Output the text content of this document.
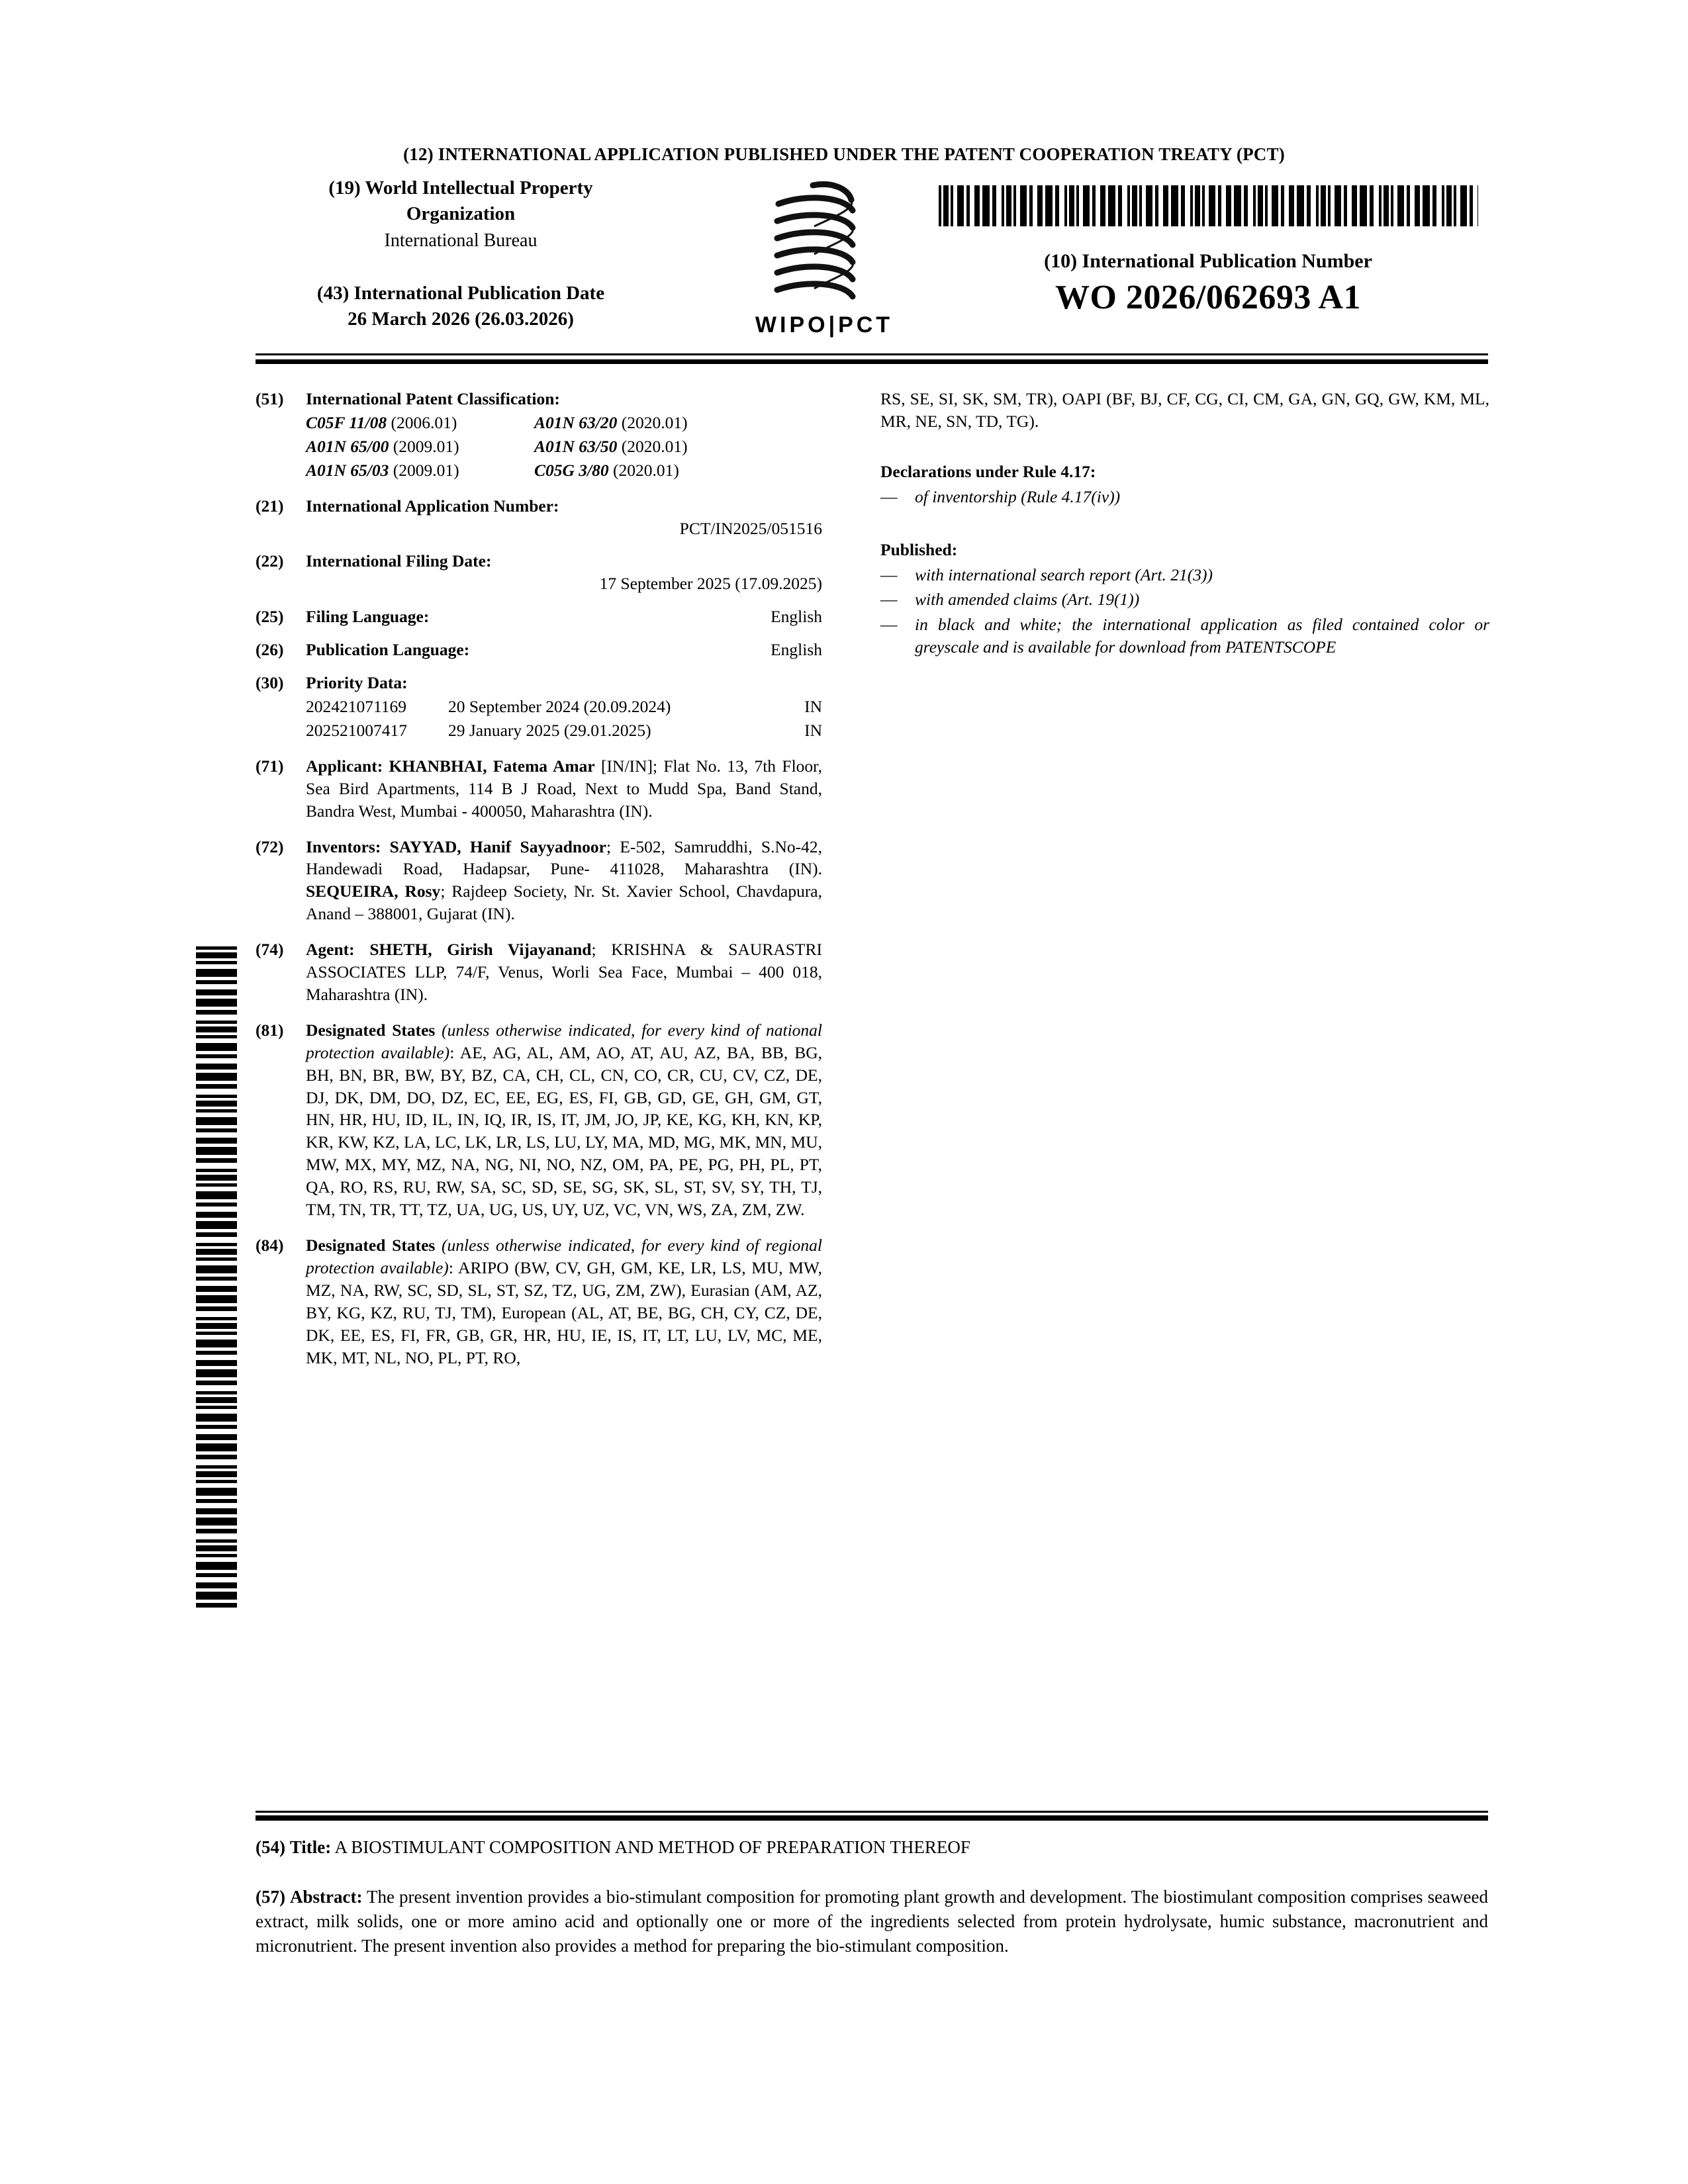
(12) INTERNATIONAL APPLICATION PUBLISHED UNDER THE PATENT COOPERATION TREATY (PCT)
(19) World Intellectual Property
Organization
International Bureau
(43) International Publication Date
26 March 2026 (26.03.2026)	WIPO|PCT
(10) International Publication Number
WO 2026/062693 A1
(51)	International Patent Classification:
C05F 11/08 (2006.01)	A01N 63/20 (2020.01)
A01N 65/00 (2009.01)	A01N 63/50 (2020.01)
A01N 65/03 (2009.01)	C05G 3/80 (2020.01)
(21)	International Application Number:
PCT/IN2025/051516
(22)	International Filing Date:
17 September 2025 (17.09.2025)
(25)	Filing Language:	English
(26)	Publication Language:	English
(30)	Priority Data:
202421071169	20 September 2024 (20.09.2024)	IN
202521007417	29 January 2025 (29.01.2025)	IN
(71)	Applicant: KHANBHAI, Fatema Amar [IN/IN]; Flat No. 13, 7th Floor, Sea Bird Apartments, 114 B J Road, Next to Mudd Spa, Band Stand, Bandra West, Mumbai - 400050, Maharashtra (IN).
(72)	Inventors: SAYYAD, Hanif Sayyadnoor; E-502, Samruddhi, S.No-42, Handewadi Road, Hadapsar, Pune- 411028, Maharashtra (IN). SEQUEIRA, Rosy; Rajdeep Society, Nr. St. Xavier School, Chavdapura, Anand – 388001, Gujarat (IN).
(74)	Agent: SHETH, Girish Vijayanand; KRISHNA & SAURASTRI ASSOCIATES LLP, 74/F, Venus, Worli Sea Face, Mumbai – 400 018, Maharashtra (IN).
(81)	Designated States (unless otherwise indicated, for every kind of national protection available): AE, AG, AL, AM, AO, AT, AU, AZ, BA, BB, BG, BH, BN, BR, BW, BY, BZ, CA, CH, CL, CN, CO, CR, CU, CV, CZ, DE, DJ, DK, DM, DO, DZ, EC, EE, EG, ES, FI, GB, GD, GE, GH, GM, GT, HN, HR, HU, ID, IL, IN, IQ, IR, IS, IT, JM, JO, JP, KE, KG, KH, KN, KP, KR, KW, KZ, LA, LC, LK, LR, LS, LU, LY, MA, MD, MG, MK, MN, MU, MW, MX, MY, MZ, NA, NG, NI, NO, NZ, OM, PA, PE, PG, PH, PL, PT, QA, RO, RS, RU, RW, SA, SC, SD, SE, SG, SK, SL, ST, SV, SY, TH, TJ, TM, TN, TR, TT, TZ, UA, UG, US, UY, UZ, VC, VN, WS, ZA, ZM, ZW.
(84)	Designated States (unless otherwise indicated, for every kind of regional protection available): ARIPO (BW, CV, GH, GM, KE, LR, LS, MU, MW, MZ, NA, RW, SC, SD, SL, ST, SZ, TZ, UG, ZM, ZW), Eurasian (AM, AZ, BY, KG, KZ, RU, TJ, TM), European (AL, AT, BE, BG, CH, CY, CZ, DE, DK, EE, ES, FI, FR, GB, GR, HR, HU, IE, IS, IT, LT, LU, LV, MC, ME, MK, MT, NL, NO, PL, PT, RO,
RS, SE, SI, SK, SM, TR), OAPI (BF, BJ, CF, CG, CI, CM, GA, GN, GQ, GW, KM, ML, MR, NE, SN, TD, TG).
Declarations under Rule 4.17:
—	of inventorship (Rule 4.17(iv))
Published:
—	with international search report (Art. 21(3))
—	with amended claims (Art. 19(1))
—	in black and white; the international application as filed contained color or greyscale and is available for download from PATENTSCOPE
(54) Title: A BIOSTIMULANT COMPOSITION AND METHOD OF PREPARATION THEREOF
(57) Abstract: The present invention provides a bio-stimulant composition for promoting plant growth and development. The biostimulant composition comprises seaweed extract, milk solids, one or more amino acid and optionally one or more of the ingredients selected from protein hydrolysate, humic substance, macronutrient and micronutrient. The present invention also provides a method for preparing the bio-stimulant composition.
